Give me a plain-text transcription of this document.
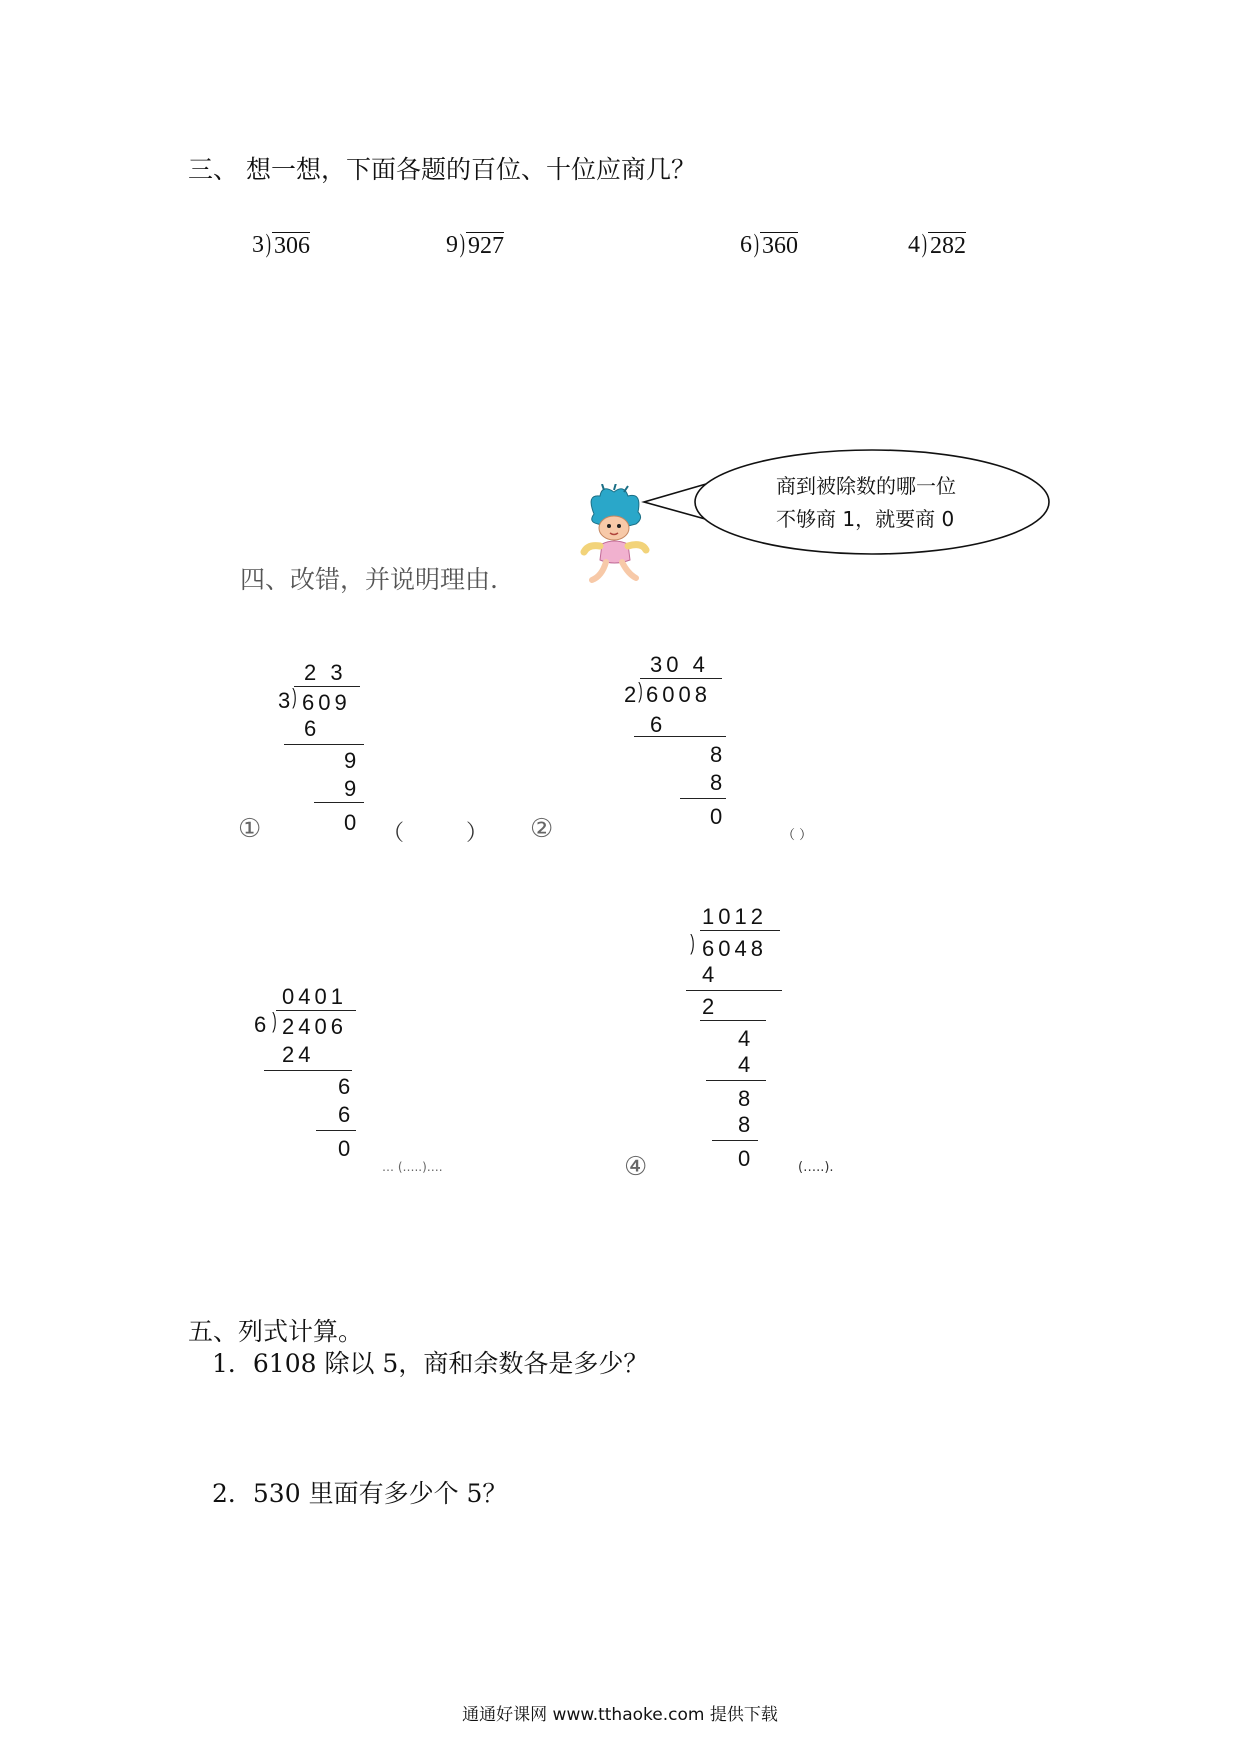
三、 想一想，下面各题的百位、十位应商几？
3 ) 306	9 ) 927	6 ) 360	4 ) 282
商到被除数的哪一位
不够商 1，就要商 0
四、改错，并说明理由.
2 3
3
) 609
6
9
9
0
①	（　　）
30 4
2
) 6008
6
8
8
0
②	（ ）
0401
6 ) 2406
24
6
6
0
… (…..)….
1012
) 6048
4
2
4
4
8
8
0
④	(…..).
五、列式计算。
1．6108 除以 5，商和余数各是多少？
2．530 里面有多少个 5？
通通好课网 www.tthaoke.com 提供下载
